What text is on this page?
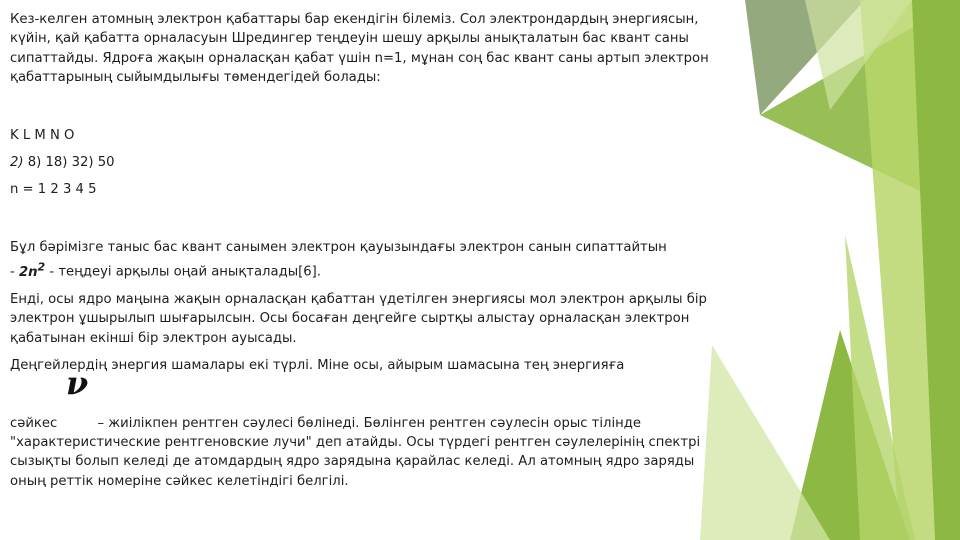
Кез-келген атомның электрон қабаттары бар екендігін білеміз. Сол электрондардың энергиясын, күйін, қай қабатта орналасуын Шредингер теңдеуін шешу арқылы анықталатын бас квант саны сипаттайды. Ядроға жақын орналасқан қабат үшін n=1, мұнан соң бас квант саны артып электрон қабаттарының сыйымдылығы төмендегідей болады:

K L M N O

2) 8) 18) 32) 50

n = 1 2 3 4 5

Бұл бәрімізге таныс бас квант санымен электрон қауызындағы электрон санын сипаттайтын
- $2n^2$ - теңдеуі арқылы оңай анықталады[6].

Енді, осы ядро маңына жақын орналасқан қабаттан үдетілген энергиясы мол электрон арқылы бір электрон ұшырылып шығарылсын. Осы босаған деңгейге сыртқы алыстау орналасқан электрон қабатынан екінші бір электрон ауысады.

Деңгейлердің энергия шамалары екі түрлі. Міне осы, айырым шамасына тең энергияға

ν

сәйкес	– жиілікпен рентген сәулесі бөлінеді. Бөлінген рентген сәулесін орыс тілінде "характеристические рентгеновские лучи" деп атайды. Осы түрдегі рентген сәулелерінің спектрі сызықты болып келеді де атомдардың ядро зарядына қарайлас келеді. Ал атомның ядро заряды оның реттік номеріне сәйкес келетіндігі белгілі.
